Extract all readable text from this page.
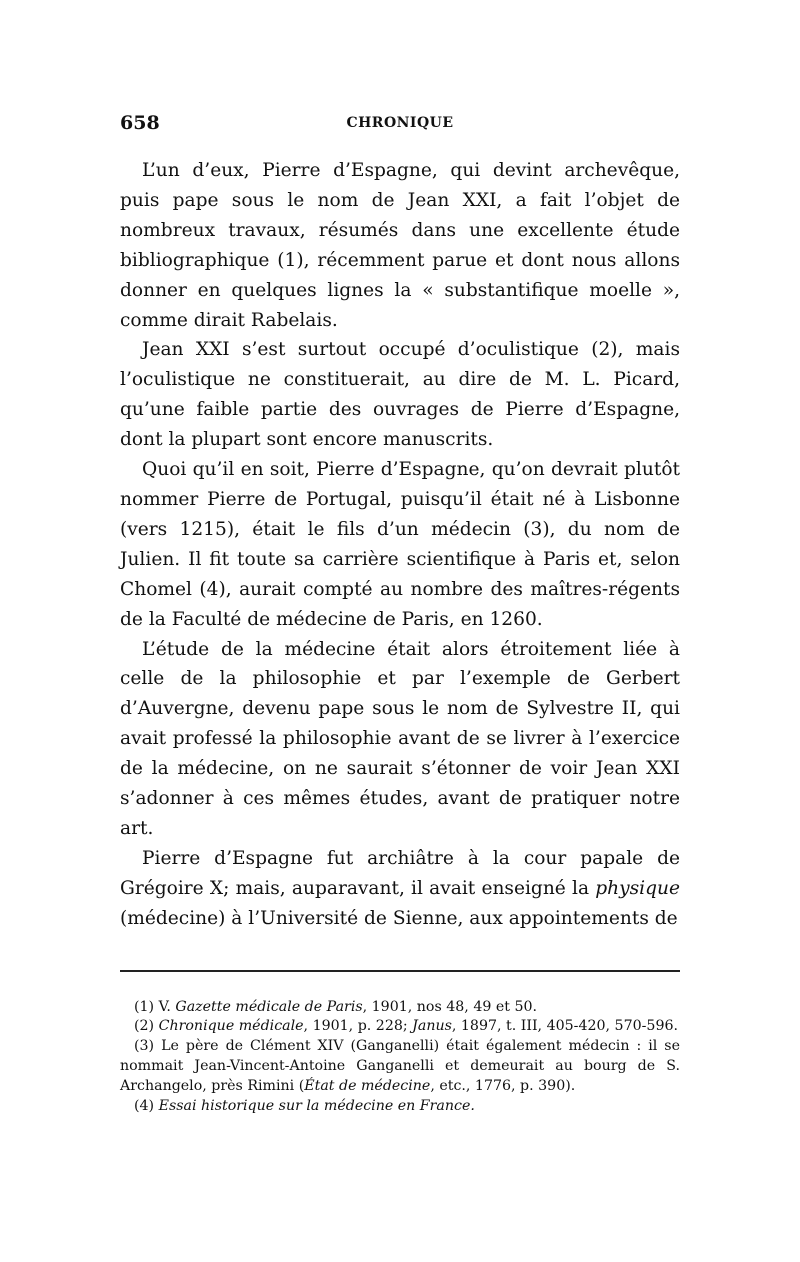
658	CHRONIQUE

L’un d’eux, Pierre d’Espagne, qui devint archevêque, puis pape sous le nom de Jean XXI, a fait l’objet de nombreux travaux, résumés dans une excellente étude bibliographique (1), récemment parue et dont nous allons donner en quelques lignes la « substantifique moelle », comme dirait Rabelais.

Jean XXI s’est surtout occupé d’oculistique (2), mais l’oculistique ne constituerait, au dire de M. L. Picard, qu’une faible partie des ouvrages de Pierre d’Espagne, dont la plupart sont encore manuscrits.

Quoi qu’il en soit, Pierre d’Espagne, qu’on devrait plutôt nommer Pierre de Portugal, puisqu’il était né à Lisbonne (vers 1215), était le fils d’un médecin (3), du nom de Julien. Il fit toute sa carrière scientifique à Paris et, selon Chomel (4), aurait compté au nombre des maîtres-régents de la Faculté de médecine de Paris, en 1260.

L’étude de la médecine était alors étroitement liée à celle de la philosophie et par l’exemple de Gerbert d’Auvergne, devenu pape sous le nom de Sylvestre II, qui avait professé la philosophie avant de se livrer à l’exercice de la médecine, on ne saurait s’étonner de voir Jean XXI s’adonner à ces mêmes études, avant de pratiquer notre art.

Pierre d’Espagne fut archiâtre à la cour papale de Grégoire X; mais, auparavant, il avait enseigné la physique (médecine) à l’Université de Sienne, aux appointements de

(1) V. Gazette médicale de Paris, 1901, nos 48, 49 et 50.

(2) Chronique médicale, 1901, p. 228; Janus, 1897, t. III, 405-420, 570-596.

(3) Le père de Clément XIV (Ganganelli) était également médecin : il se nommait Jean-Vincent-Antoine Ganganelli et demeurait au bourg de S. Archangelo, près Rimini (État de médecine, etc., 1776, p. 390).

(4) Essai historique sur la médecine en France.
